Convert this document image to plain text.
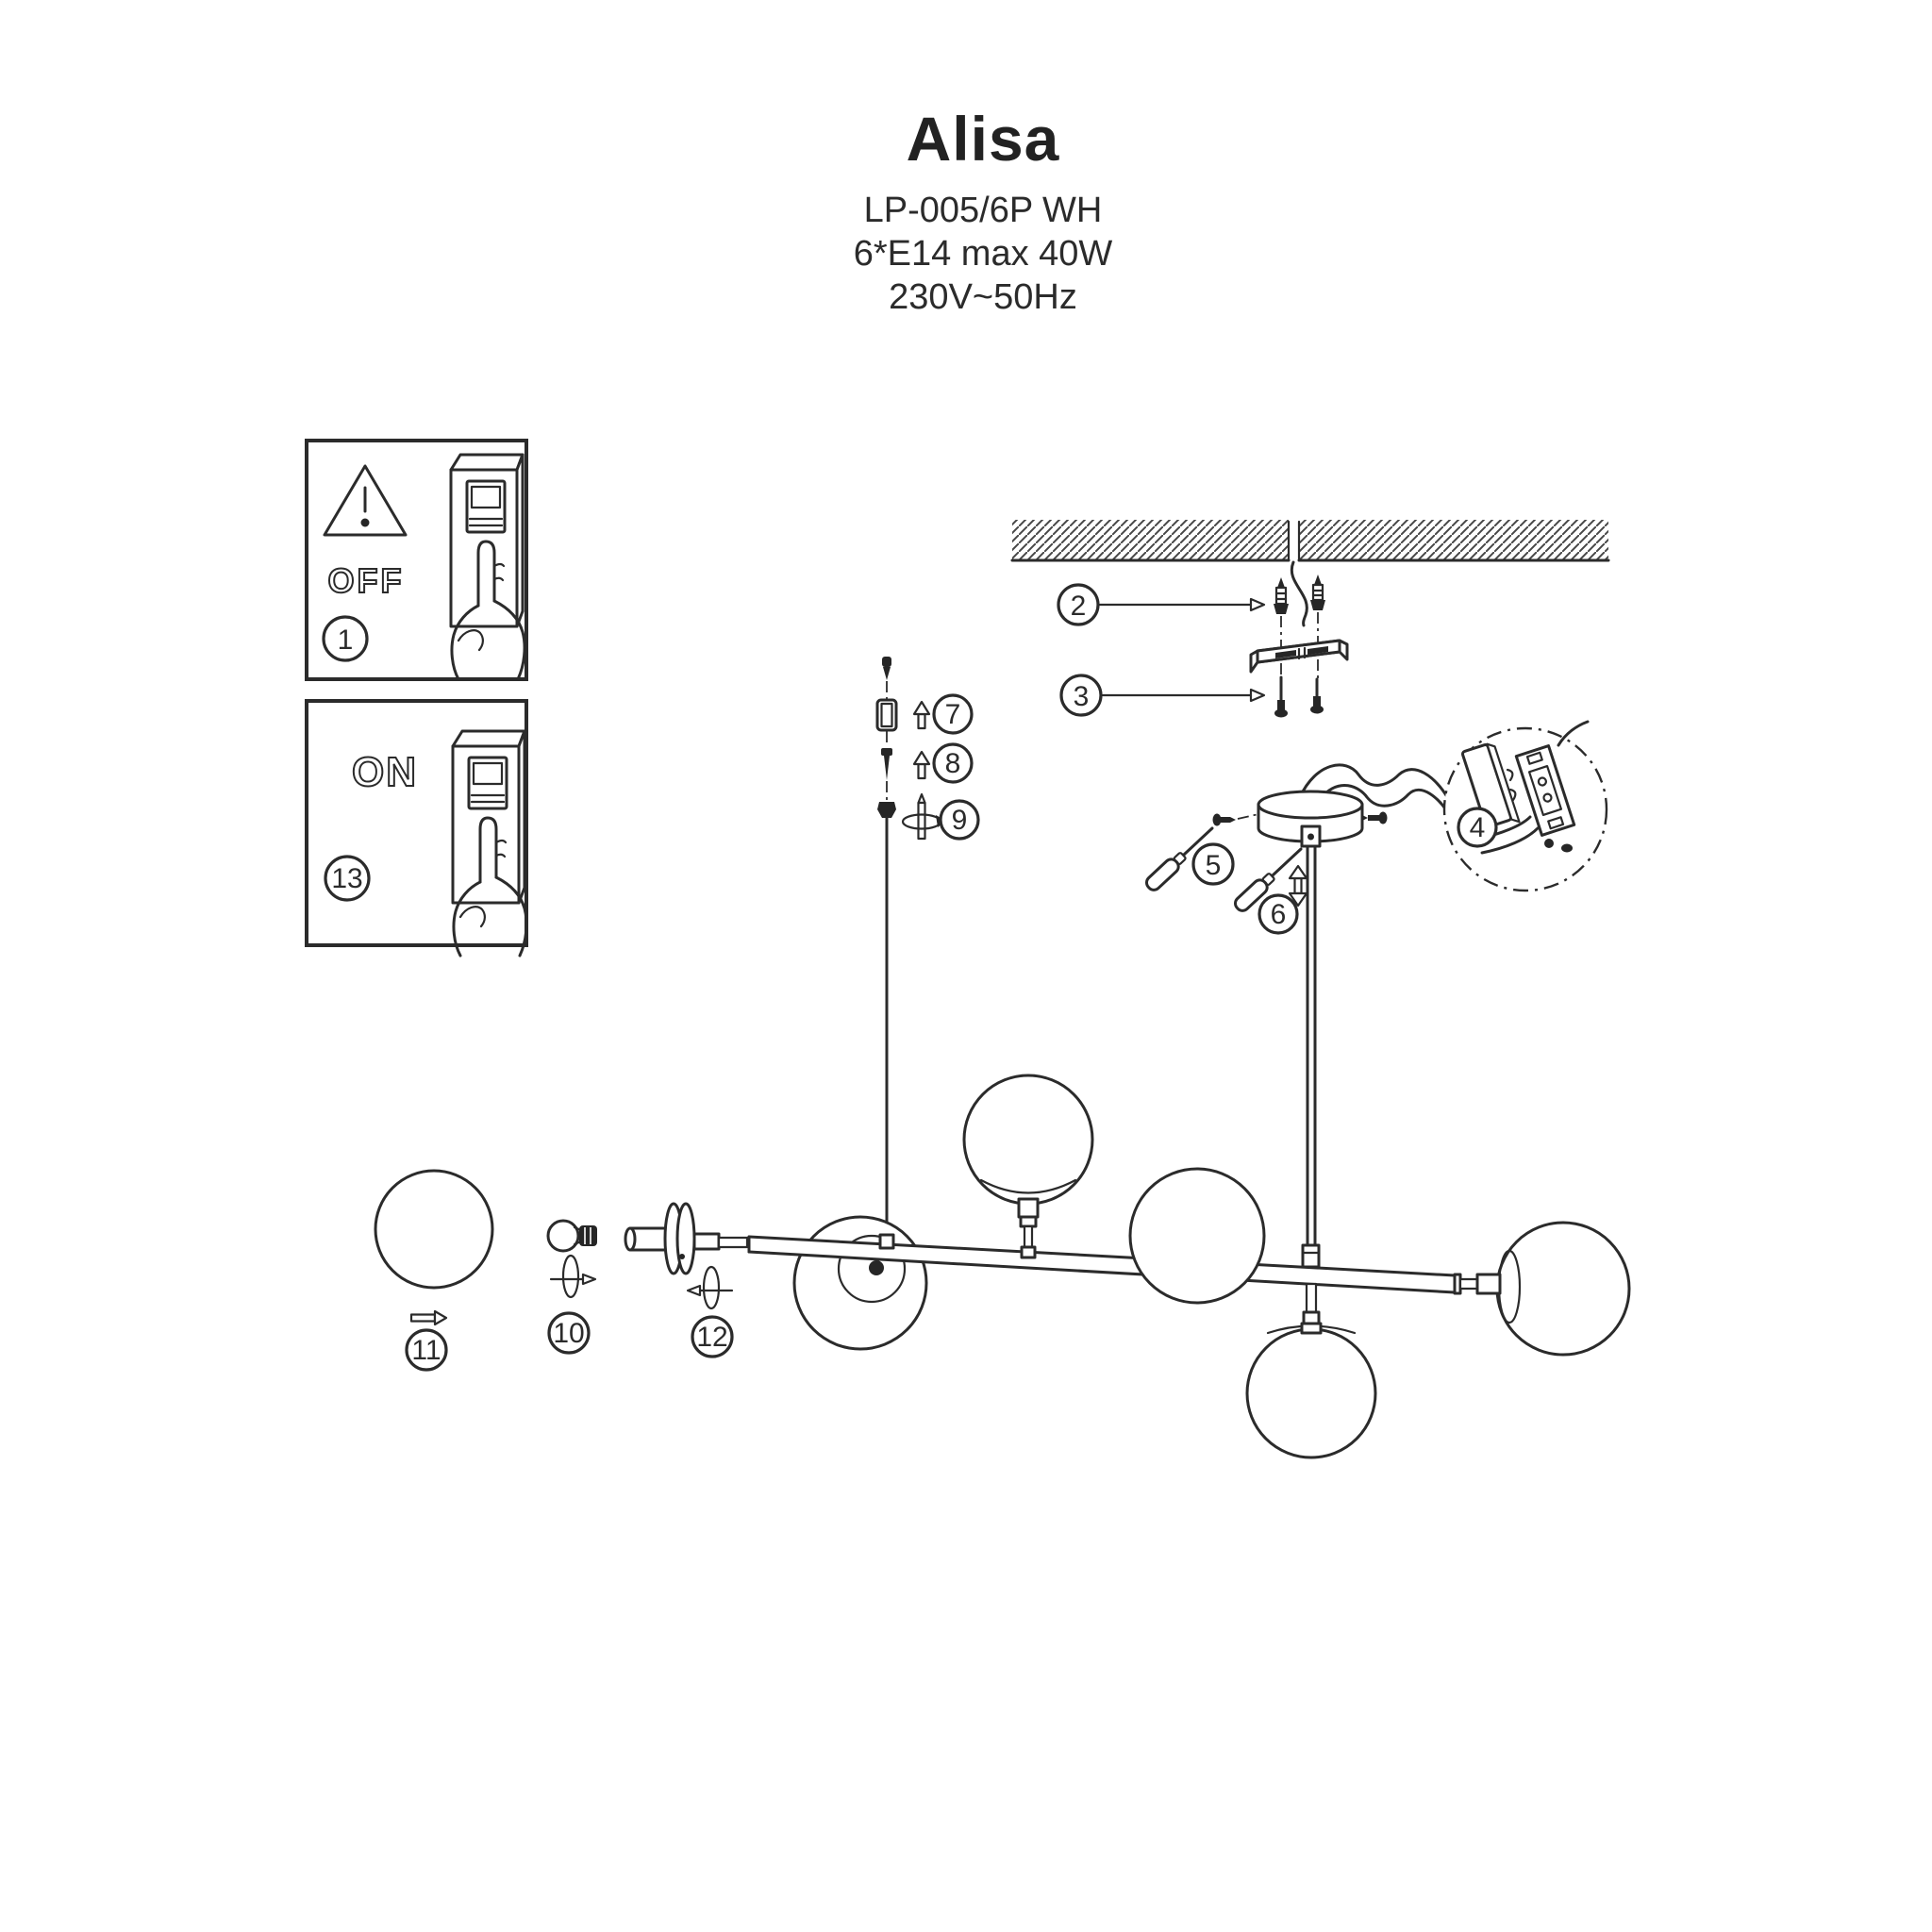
Alisa
LP-005/6P WH
6*E14 max 40W
230V~50Hz
OFF
1
ON
13
2
3
7
8
9
5
6
4
11
10	12
